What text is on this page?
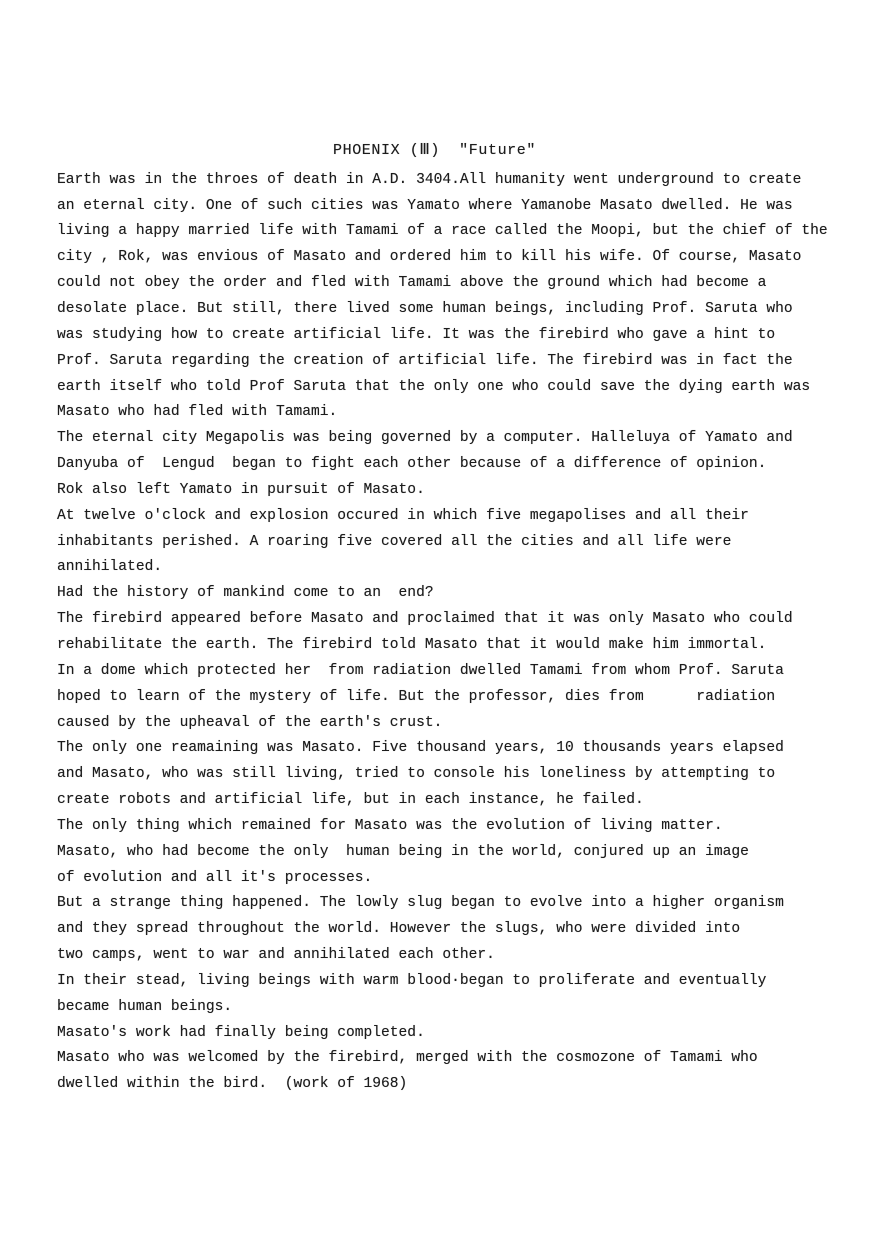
PHOENIX (Ⅲ)  "Future"
Earth was in the throes of death in A.D. 3404.All humanity went underground to create
an eternal city. One of such cities was Yamato where Yamanobe Masato dwelled. He was
living a happy married life with Tamami of a race called the Moopi, but the chief of the
city , Rok, was envious of Masato and ordered him to kill his wife. Of course, Masato
could not obey the order and fled with Tamami above the ground which had become a
desolate place. But still, there lived some human beings, including Prof. Saruta who
was studying how to create artificial life. It was the firebird who gave a hint to
Prof. Saruta regarding the creation of artificial life. The firebird was in fact the
earth itself who told Prof Saruta that the only one who could save the dying earth was
Masato who had fled with Tamami.
The eternal city Megapolis was being governed by a computer. Halleluya of Yamato and
Danyuba of  Lengud  began to fight each other because of a difference of opinion.
Rok also left Yamato in pursuit of Masato.
At twelve o'clock and explosion occured in which five megapolises and all their
inhabitants perished. A roaring five covered all the cities and all life were
annihilated.
Had the history of mankind come to an  end?
The firebird appeared before Masato and proclaimed that it was only Masato who could
rehabilitate the earth. The firebird told Masato that it would make him immortal.
In a dome which protected her  from radiation dwelled Tamami from whom Prof. Saruta
hoped to learn of the mystery of life. But the professor, dies from      radiation
caused by the upheaval of the earth's crust.
The only one reamaining was Masato. Five thousand years, 10 thousands years elapsed
and Masato, who was still living, tried to console his loneliness by attempting to
create robots and artificial life, but in each instance, he failed.
The only thing which remained for Masato was the evolution of living matter.
Masato, who had become the only  human being in the world, conjured up an image
of evolution and all it's processes.
But a strange thing happened. The lowly slug began to evolve into a higher organism
and they spread throughout the world. However the slugs, who were divided into
two camps, went to war and annihilated each other.
In their stead, living beings with warm blood·began to proliferate and eventually
became human beings.
Masato's work had finally being completed.
Masato who was welcomed by the firebird, merged with the cosmozone of Tamami who
dwelled within the bird.  (work of 1968)
